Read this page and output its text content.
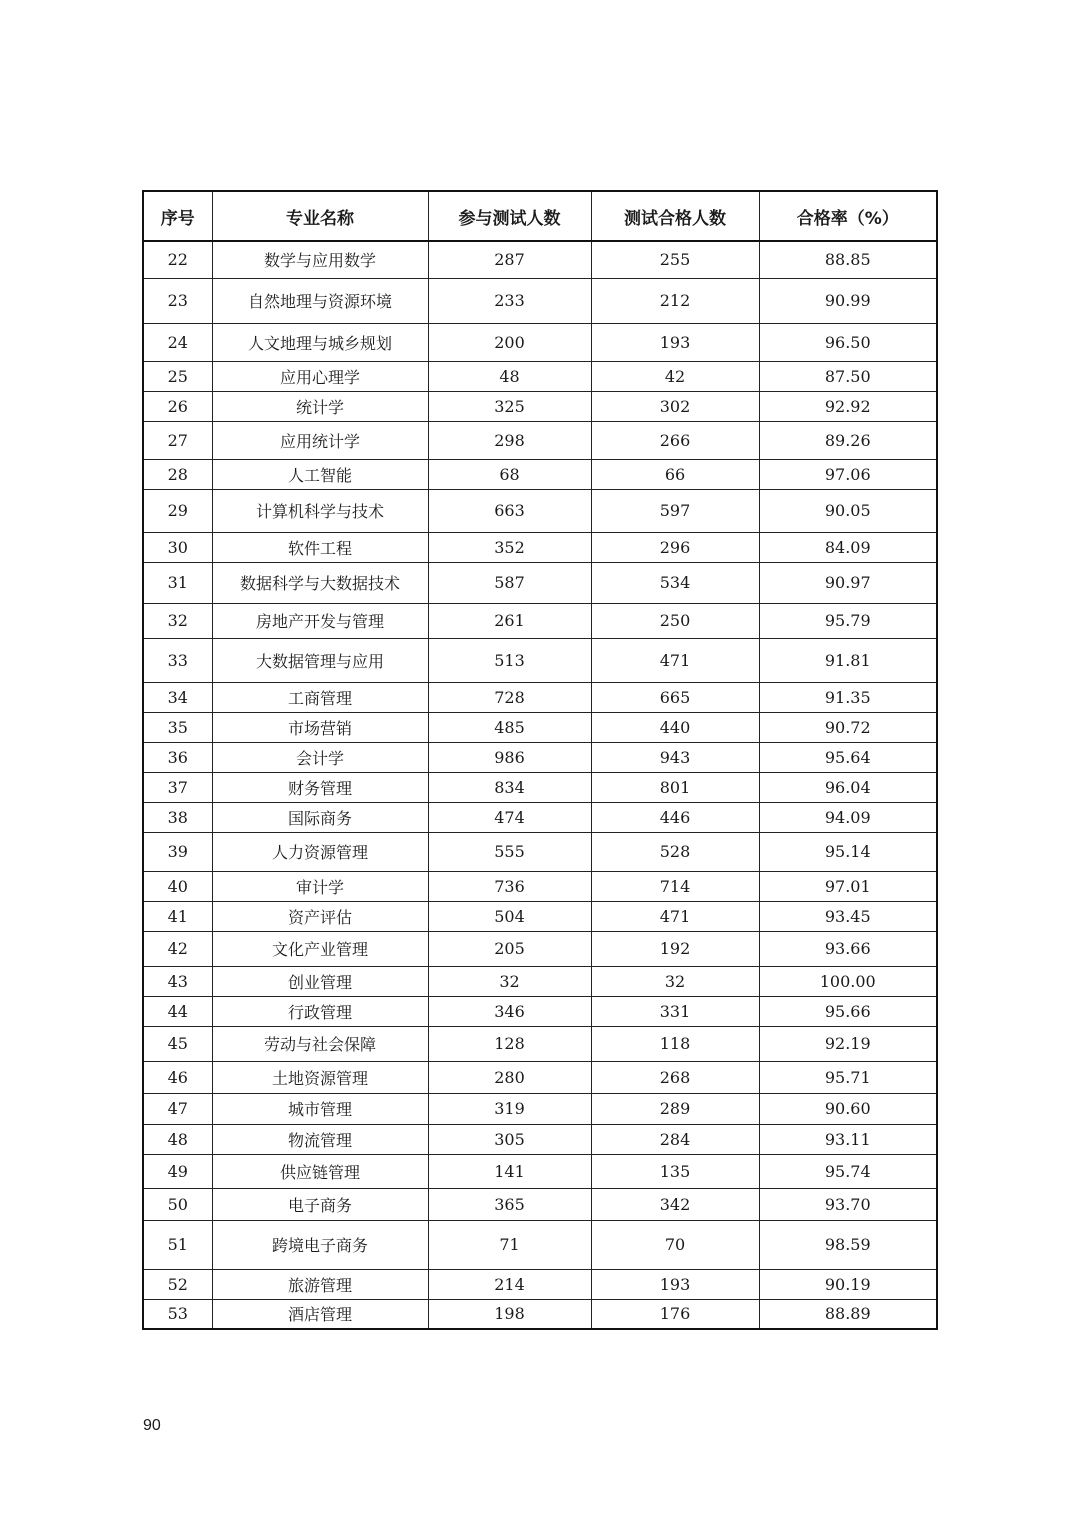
序号	专业名称	参与测试人数	测试合格人数	合格率（%）
22	数学与应用数学	287	255	88.85
23	自然地理与资源环境	233	212	90.99
24	人文地理与城乡规划	200	193	96.50
25	应用心理学	48	42	87.50
26	统计学	325	302	92.92
27	应用统计学	298	266	89.26
28	人工智能	68	66	97.06
29	计算机科学与技术	663	597	90.05
30	软件工程	352	296	84.09
31	数据科学与大数据技术	587	534	90.97
32	房地产开发与管理	261	250	95.79
33	大数据管理与应用	513	471	91.81
34	工商管理	728	665	91.35
35	市场营销	485	440	90.72
36	会计学	986	943	95.64
37	财务管理	834	801	96.04
38	国际商务	474	446	94.09
39	人力资源管理	555	528	95.14
40	审计学	736	714	97.01
41	资产评估	504	471	93.45
42	文化产业管理	205	192	93.66
43	创业管理	32	32	100.00
44	行政管理	346	331	95.66
45	劳动与社会保障	128	118	92.19
46	土地资源管理	280	268	95.71
47	城市管理	319	289	90.60
48	物流管理	305	284	93.11
49	供应链管理	141	135	95.74
50	电子商务	365	342	93.70
51	跨境电子商务	71	70	98.59
52	旅游管理	214	193	90.19
53	酒店管理	198	176	88.89
90
